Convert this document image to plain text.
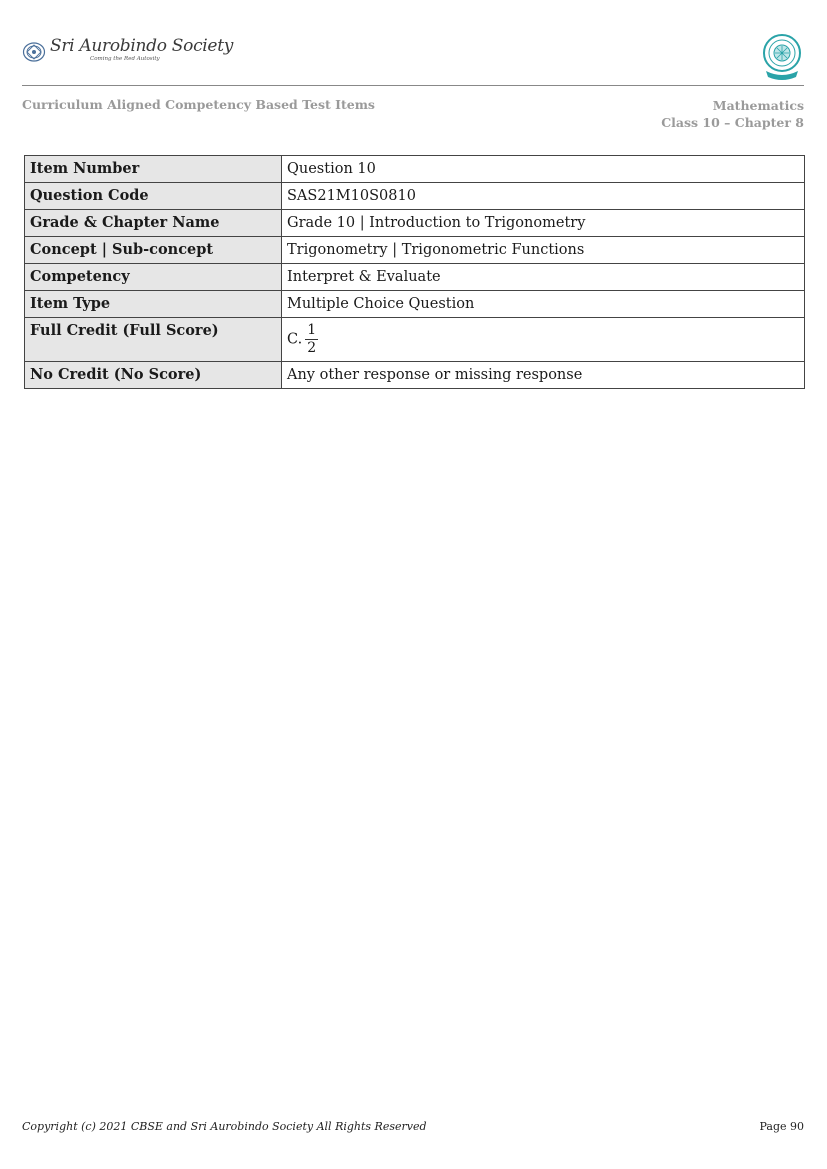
Sri Aurobindo Society
Coming the Red Autosity
Curriculum Aligned Competency Based Test Items	Mathematics
Class 10 – Chapter 8
Item Number	Question 10
Question Code	SAS21M10S0810
Grade & Chapter Name	Grade 10 | Introduction to Trigonometry
Concept | Sub-concept	Trigonometry | Trigonometric Functions
Competency	Interpret & Evaluate
Item Type	Multiple Choice Question
Full Credit (Full Score)	C. $\frac{1}{2}$

No Credit (No Score)	Any other response or missing response
Copyright (c) 2021 CBSE and Sri Aurobindo Society All Rights Reserved	Page 90
